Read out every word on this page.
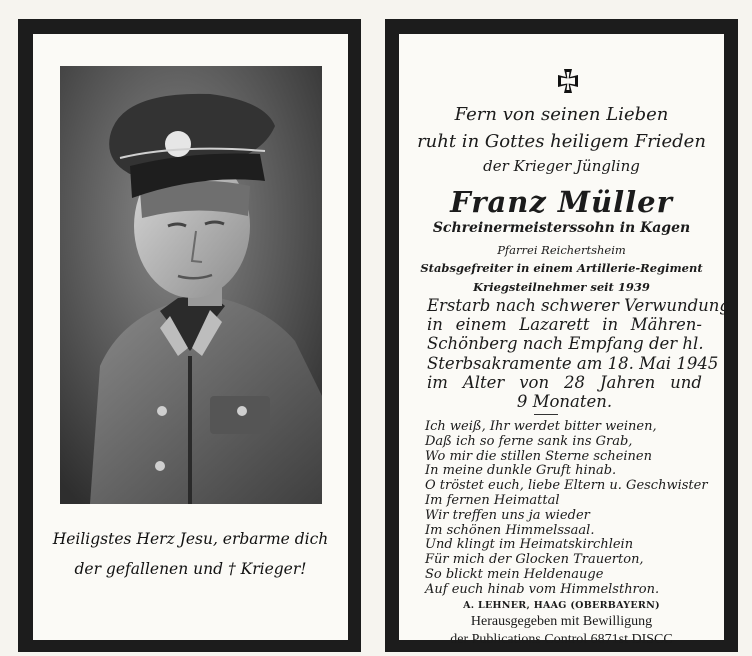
Heiligstes Herz Jesu, erbarme dich
der gefallenen und † Krieger!
Fern von seinen Lieben
ruht in Gottes heiligem Frieden
der Krieger Jüngling
Franz Müller
Schreinermeisterssohn in Kagen
Pfarrei Reichertsheim
Stabsgefreiter in einem Artillerie-Regiment
Kriegsteilnehmer seit 1939
Erstarb nach schwerer Verwundung
in einem Lazarett in Mähren-
Schönberg nach Empfang der hl.
Sterbsakramente am 18. Mai 1945
im Alter von 28 Jahren und
9 Monaten.
Ich weiß, Ihr werdet bitter weinen,
Daß ich so ferne sank ins Grab,
Wo mir die stillen Sterne scheinen
In meine dunkle Gruft hinab.
O tröstet euch, liebe Eltern u. Geschwister
Im fernen Heimattal
Wir treffen uns ja wieder
Im schönen Himmelssaal.
Und klingt im Heimatskirchlein
Für mich der Glocken Trauerton,
So blickt mein Heldenauge
Auf euch hinab vom Himmelsthron.
A. LEHNER, HAAG (OBERBAYERN)
Herausgegeben mit Bewilligung
der Publications Control 6871st DISCC
